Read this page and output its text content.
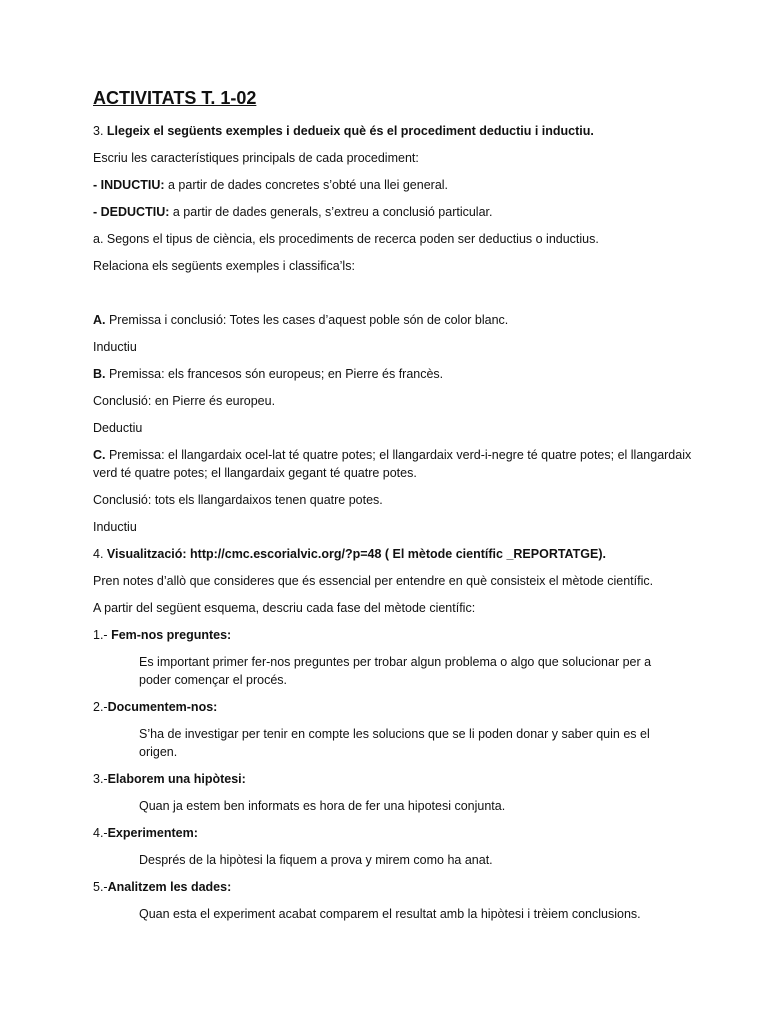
ACTIVITATS T. 1-02

3. Llegeix el següents exemples i dedueix què és el procediment deductiu i inductiu.

Escriu les característiques principals de cada procediment:

- INDUCTIU: a partir de dades concretes s’obté una llei general.

- DEDUCTIU: a partir de dades generals, s’extreu a conclusió particular.

a. Segons el tipus de ciència, els procediments de recerca poden ser deductius o inductius.

Relaciona els següents exemples i classifica’ls:

A. Premissa i conclusió: Totes les cases d’aquest poble són de color blanc.

Inductiu

B. Premissa: els francesos són europeus; en Pierre és francès.

Conclusió: en Pierre és europeu.

Deductiu

C. Premissa: el llangardaix ocel-lat té quatre potes; el llangardaix verd-i-negre té quatre potes; el llangardaix verd té quatre potes; el llangardaix gegant té quatre potes.

Conclusió: tots els llangardaixos tenen quatre potes.

Inductiu

4. Visualització: http://cmc.escorialvic.org/?p=48 ( El mètode científic _REPORTATGE).

Pren notes d’allò que consideres que és essencial per entendre en què consisteix el mètode científic.

A partir del següent esquema, descriu cada fase del mètode científic:

1.- Fem-nos preguntes:

Es important primer fer-nos preguntes per trobar algun problema o algo que solucionar per a poder començar el procés.

2.-Documentem-nos:

S’ha de investigar per tenir en compte les solucions que se li poden donar y saber quin es el origen.

3.-Elaborem una hipòtesi:

Quan ja estem ben informats es hora de fer una hipotesi conjunta.

4.-Experimentem:

Després de la hipòtesi la fiquem a prova y mirem como ha anat.

5.-Analitzem les dades:

Quan esta el experiment acabat comparem el resultat amb la hipòtesi i trèiem conclusions.
